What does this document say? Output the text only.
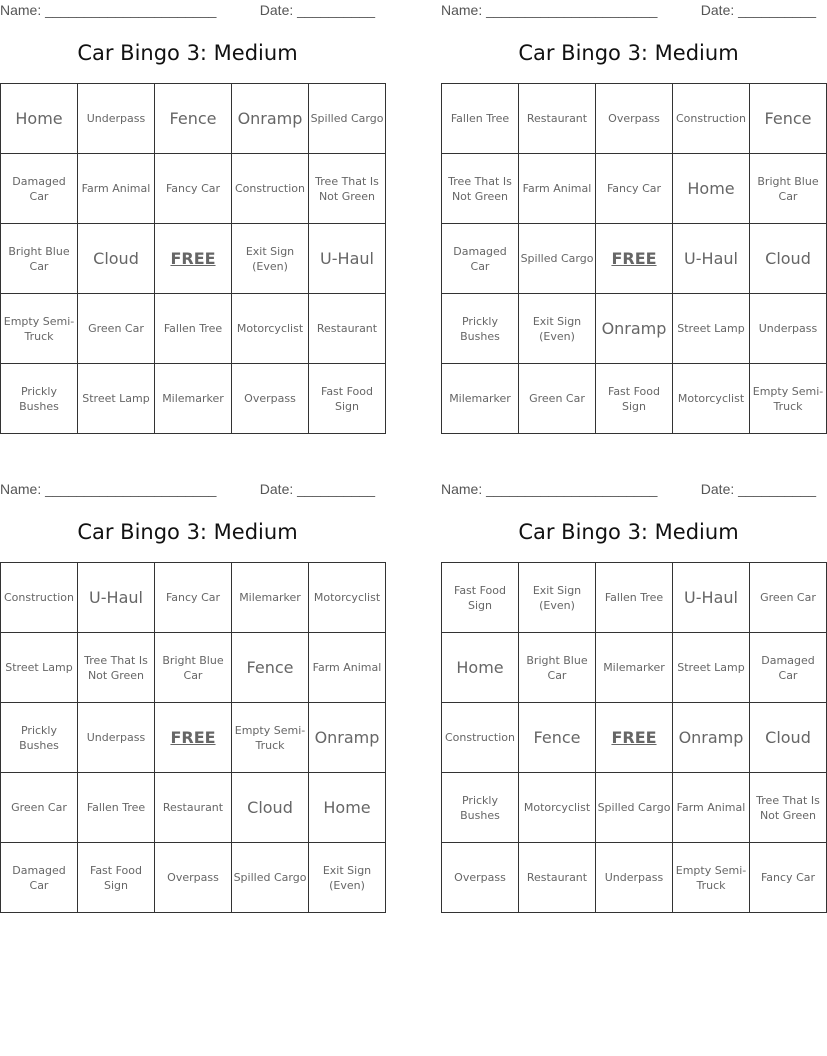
Name: ______________________	Date: __________
Car Bingo 3: Medium
Home	Underpass	Fence	Onramp	Spilled Cargo
Damaged Car	Farm Animal	Fancy Car	Construction	Tree That Is Not Green
Bright Blue Car	Cloud	FREE	Exit Sign (Even)	U-Haul
Empty Semi-Truck	Green Car	Fallen Tree	Motorcyclist	Restaurant
Prickly Bushes	Street Lamp	Milemarker	Overpass	Fast Food Sign
Name: ______________________	Date: __________
Car Bingo 3: Medium
Fallen Tree	Restaurant	Overpass	Construction	Fence
Tree That Is Not Green	Farm Animal	Fancy Car	Home	Bright Blue Car
Damaged Car	Spilled Cargo	FREE	U-Haul	Cloud
Prickly Bushes	Exit Sign (Even)	Onramp	Street Lamp	Underpass
Milemarker	Green Car	Fast Food Sign	Motorcyclist	Empty Semi-Truck
Name: ______________________	Date: __________
Car Bingo 3: Medium
Construction	U-Haul	Fancy Car	Milemarker	Motorcyclist
Street Lamp	Tree That Is Not Green	Bright Blue Car	Fence	Farm Animal
Prickly Bushes	Underpass	FREE	Empty Semi-Truck	Onramp
Green Car	Fallen Tree	Restaurant	Cloud	Home
Damaged Car	Fast Food Sign	Overpass	Spilled Cargo	Exit Sign (Even)
Name: ______________________	Date: __________
Car Bingo 3: Medium
Fast Food Sign	Exit Sign (Even)	Fallen Tree	U-Haul	Green Car
Home	Bright Blue Car	Milemarker	Street Lamp	Damaged Car
Construction	Fence	FREE	Onramp	Cloud
Prickly Bushes	Motorcyclist	Spilled Cargo	Farm Animal	Tree That Is Not Green
Overpass	Restaurant	Underpass	Empty Semi-Truck	Fancy Car
